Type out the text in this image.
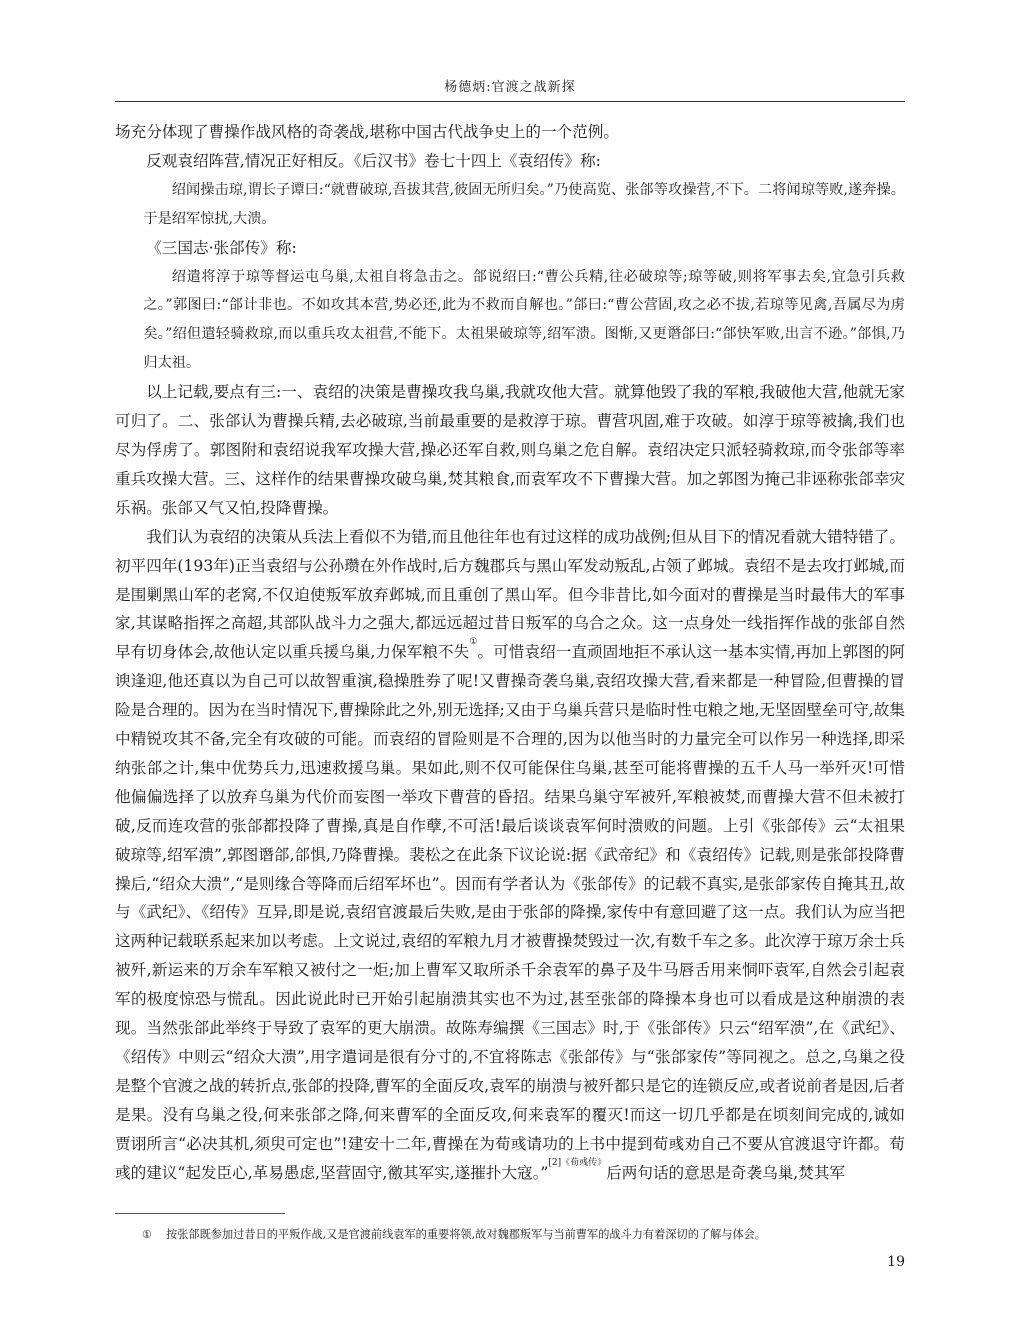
杨德炳:官渡之战新探

场充分体现了曹操作战风格的奇袭战,堪称中国古代战争史上的一个范例。

反观袁绍阵营,情况正好相反。《后汉书》卷七十四上《袁绍传》称:

绍闻操击琼,谓长子谭曰:“就曹破琼,吾拔其营,彼固无所归矣。”乃使高览、张郃等攻操营,不下。二将闻琼等败,遂奔操。于是绍军惊扰,大溃。

《三国志·张郃传》称:

绍遣将淳于琼等督运屯乌巢,太祖自将急击之。郃说绍曰:“曹公兵精,往必破琼等;琼等破,则将军事去矣,宜急引兵救之。”郭图曰:“郃计非也。不如攻其本营,势必还,此为不救而自解也。”郃曰:“曹公营固,攻之必不拔,若琼等见禽,吾属尽为虏矣。”绍但遣轻骑救琼,而以重兵攻太祖营,不能下。太祖果破琼等,绍军溃。图惭,又更谮郃曰:“郃快军败,出言不逊。”郃惧,乃归太祖。

以上记载,要点有三:一、袁绍的决策是曹操攻我乌巢,我就攻他大营。就算他毁了我的军粮,我破他大营,他就无家可归了。二、张郃认为曹操兵精,去必破琼,当前最重要的是救淳于琼。曹营巩固,难于攻破。如淳于琼等被擒,我们也尽为俘虏了。郭图附和袁绍说我军攻操大营,操必还军自救,则乌巢之危自解。袁绍决定只派轻骑救琼,而令张郃等率重兵攻操大营。三、这样作的结果曹操攻破乌巢,焚其粮食,而袁军攻不下曹操大营。加之郭图为掩己非诬称张郃幸灾乐祸。张郃又气又怕,投降曹操。

我们认为袁绍的决策从兵法上看似不为错,而且他往年也有过这样的成功战例;但从目下的情况看就大错特错了。初平四年(193年)正当袁绍与公孙瓒在外作战时,后方魏郡兵与黑山军发动叛乱,占领了邺城。袁绍不是去攻打邺城,而是围剿黑山军的老窝,不仅迫使叛军放弃邺城,而且重创了黑山军。但今非昔比,如今面对的曹操是当时最伟大的军事家,其谋略指挥之高超,其部队战斗力之强大,都远远超过昔日叛军的乌合之众。这一点身处一线指挥作战的张郃自然早有切身体会,故他认定以重兵援乌巢,力保军粮不失①。可惜袁绍一直顽固地拒不承认这一基本实情,再加上郭图的阿谀逢迎,他还真以为自己可以故智重演,稳操胜券了呢!又曹操奇袭乌巢,袁绍攻操大营,看来都是一种冒险,但曹操的冒险是合理的。因为在当时情况下,曹操除此之外,别无选择;又由于乌巢兵营只是临时性屯粮之地,无坚固壁垒可守,故集中精锐攻其不备,完全有攻破的可能。而袁绍的冒险则是不合理的,因为以他当时的力量完全可以作另一种选择,即采纳张郃之计,集中优势兵力,迅速救援乌巢。果如此,则不仅可能保住乌巢,甚至可能将曹操的五千人马一举歼灭!可惜他偏偏选择了以放弃乌巢为代价而妄图一举攻下曹营的昏招。结果乌巢守军被歼,军粮被焚,而曹操大营不但未被打破,反而连攻营的张郃都投降了曹操,真是自作孽,不可活!最后谈谈袁军何时溃败的问题。上引《张郃传》云“太祖果破琼等,绍军溃”,郭图谮郃,郃惧,乃降曹操。裴松之在此条下议论说:据《武帝纪》和《袁绍传》记载,则是张郃投降曹操后,“绍众大溃”,“是则缘合等降而后绍军坏也”。因而有学者认为《张郃传》的记载不真实,是张郃家传自掩其丑,故与《武纪》、《绍传》互异,即是说,袁绍官渡最后失败,是由于张郃的降操,家传中有意回避了这一点。我们认为应当把这两种记载联系起来加以考虑。上文说过,袁绍的军粮九月才被曹操焚毁过一次,有数千车之多。此次淳于琼万余士兵被歼,新运来的万余车军粮又被付之一炬;加上曹军又取所杀千余袁军的鼻子及牛马唇舌用来恫吓袁军,自然会引起袁军的极度惊恐与慌乱。因此说此时已开始引起崩溃其实也不为过,甚至张郃的降操本身也可以看成是这种崩溃的表现。当然张郃此举终于导致了袁军的更大崩溃。故陈寿编撰《三国志》时,于《张郃传》只云“绍军溃”,在《武纪》、《绍传》中则云“绍众大溃”,用字遣词是很有分寸的,不宜将陈志《张郃传》与“张郃家传”等同视之。总之,乌巢之役是整个官渡之战的转折点,张郃的投降,曹军的全面反攻,袁军的崩溃与被歼都只是它的连锁反应,或者说前者是因,后者是果。没有乌巢之役,何来张郃之降,何来曹军的全面反攻,何来袁军的覆灭!而这一切几乎都是在顷刻间完成的,诚如贾诩所言“必决其机,须臾可定也”!建安十二年,曹操在为荀彧请功的上书中提到荀彧劝自己不要从官渡退守许都。荀彧的建议“起发臣心,革易愚虑,坚营固守,徼其军实,遂摧扑大寇。”$^{[2]《荀彧传》}$后两句话的意思是奇袭乌巢,焚其军

① 按张郃既参加过昔日的平叛作战,又是官渡前线袁军的重要将领,故对魏郡叛军与当前曹军的战斗力有着深切的了解与体会。
19
